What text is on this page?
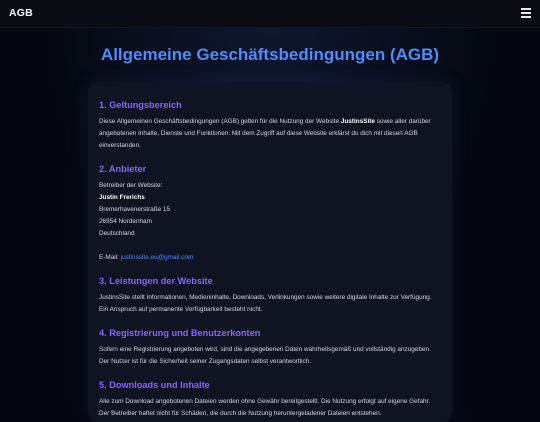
AGB
Allgemeine Geschäftsbedingungen (AGB)
1. Geltungsbereich

Diese Allgemeinen Geschäftsbedingungen (AGB) gelten für die Nutzung der Website JustinsSite sowie aller darüber angebotenen Inhalte, Dienste und Funktionen. Mit dem Zugriff auf diese Website erklärst du dich mit diesen AGB einverstanden.

2. Anbieter

Betreiber der Website:
Justin Frerichs
Bremerhavenerstraße 15
26954 Nordenham
Deutschland

E-Mail: justinssite.eu@gmail.com

3. Leistungen der Website

JustinsSite stellt Informationen, Medieninhalte, Downloads, Verlinkungen sowie weitere digitale Inhalte zur Verfügung. Ein Anspruch auf permanente Verfügbarkeit besteht nicht.

4. Registrierung und Benutzerkonten

Sofern eine Registrierung angeboten wird, sind die angegebenen Daten wahrheitsgemäß und vollständig anzugeben. Der Nutzer ist für die Sicherheit seiner Zugangsdaten selbst verantwortlich.

5. Downloads und Inhalte

Alle zum Download angebotenen Dateien werden ohne Gewähr bereitgestellt. Die Nutzung erfolgt auf eigene Gefahr. Der Betreiber haftet nicht für Schäden, die durch die Nutzung heruntergeladener Dateien entstehen.
